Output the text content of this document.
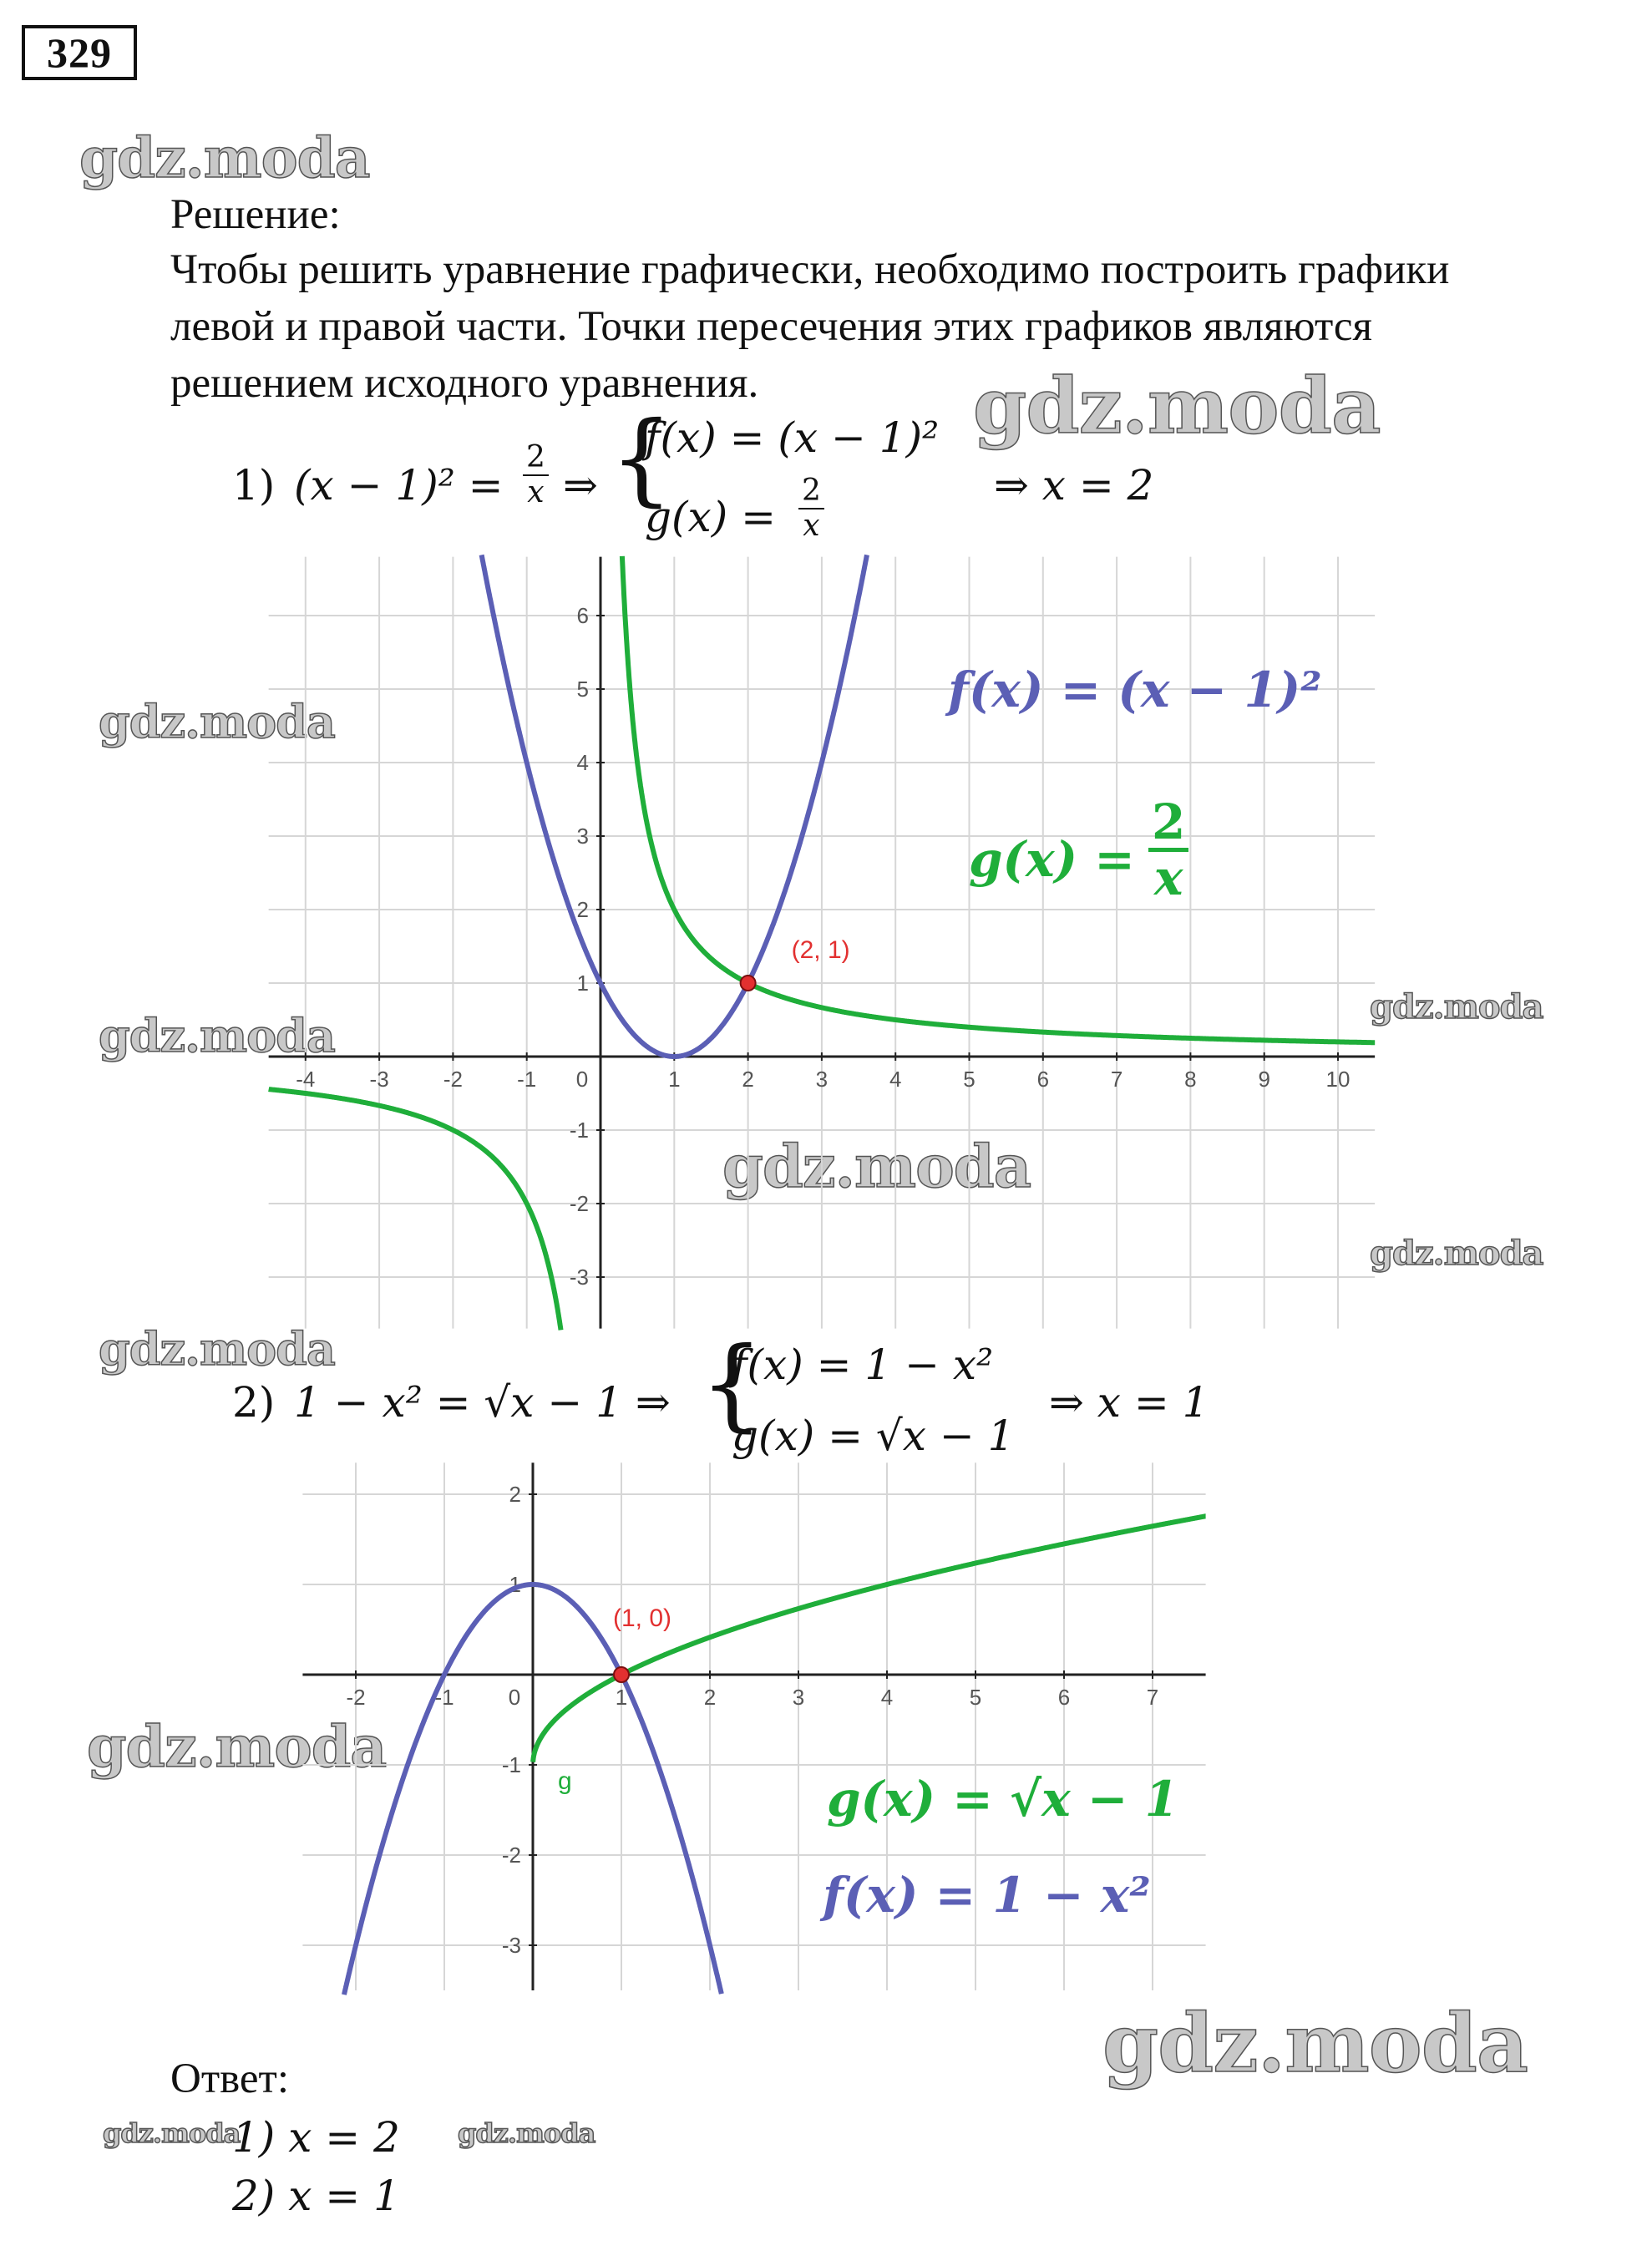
329
gdz.moda
gdz.moda
gdz.moda
gdz.moda
gdz.moda
gdz.moda
gdz.moda
gdz.moda
gdz.moda
gdz.moda
gdz.moda	gdz.moda
Решение:
Чтобы решить уравнение графически, необходимо построить графики
левой и правой части. Точки пересечения этих графиков являются
решением исходного уравнения.
1) $(x - 1)^2 = \frac{2}{x}$ ⇒ {
f(x) = (x − 1)²
$g(x) = \frac{2}{x}$	⇒ x = 2
-4	-3	-2	-1 0	1	2	3	4	5	6	7	8	9	10
-3
-2
-1
1
2
3
4
5
6
(2, 1)
f(x) = (x − 1)²
$g(x) = \frac{2}{x}$
2) 1 − x² = √x − 1 ⇒ {
f(x) = 1 − x²
g(x) = √x − 1
⇒ x = 1
-2	-1	0	1	2	3	4	5	6	7
-3
-2
-1
1
2
(1, 0)
g	g(x) = √x − 1
f(x) = 1 − x²
Ответ:
1) x = 2
2) x = 1
